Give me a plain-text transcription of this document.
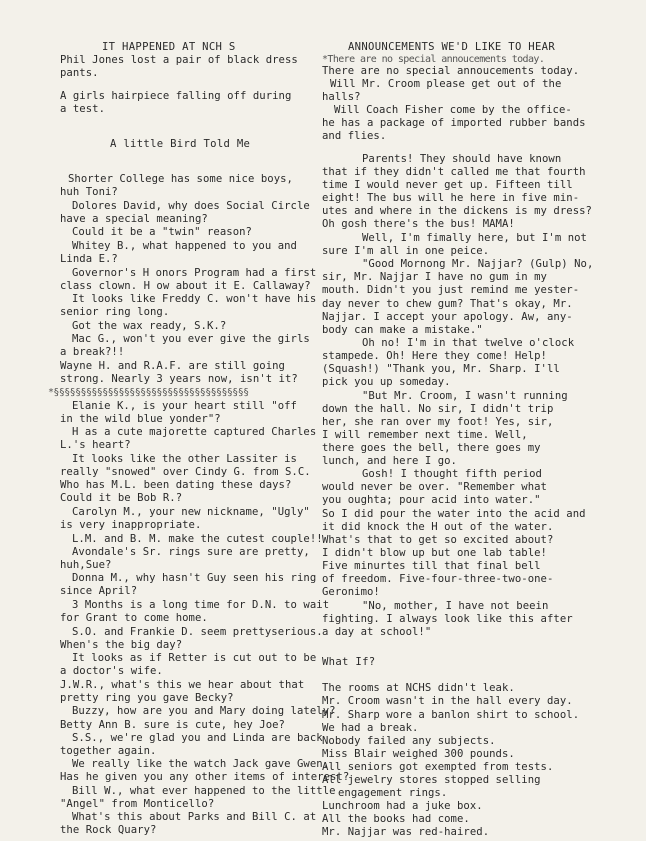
IT HAPPENED AT NCH S
Phil Jones lost a pair of black dress
pants.
A girls hairpiece falling off during
a test.
A little Bird Told Me
Shorter College has some nice boys,
huh Toni?
Dolores David, why does Social Circle
have a special meaning?
Could it be a "twin" reason?
Whitey B., what happened to you and
Linda E.?
Governor's H onors Program had a first
class clown. H ow about it E. Callaway?
It looks like Freddy C. won't have his
senior ring long.
Got the wax ready, S.K.?
Mac G., won't you ever give the girls
a break?!!
Wayne H. and R.A.F. are still going
strong. Nearly 3 years now, isn't it?
*§§§§§§§§§§§§§§§§§§§§§§§§§§§§§§§§§§§§
Elanie K., is your heart still "off
in the wild blue yonder"?
H as a cute majorette captured Charles
L.'s heart?
It looks like the other Lassiter is
really "snowed" over Cindy G. from S.C.
Who has M.L. been dating these days?
Could it be Bob R.?
Carolyn M., your new nickname, "Ugly"
is very inappropriate.
L.M. and B. M. make the cutest couple!!
Avondale's Sr. rings sure are pretty,
huh,Sue?
Donna M., why hasn't Guy seen his ring
since April?
3 Months is a long time for D.N. to wait
for Grant to come home.
S.O. and Frankie D. seem prettyserious.
When's the big day?
It looks as if Retter is cut out to be
a doctor's wife.
J.W.R., what's this we hear about that
pretty ring you gave Becky?
Buzzy, how are you and Mary doing lately?
Betty Ann B. sure is cute, hey Joe?
S.S., we're glad you and Linda are back
together again.
We really like the watch Jack gave Gwen.
Has he given you any other items of interest?
Bill W., what ever happened to the little
"Angel" from Monticello?
What's this about Parks and Bill C. at
the Rock Quary?
ANNOUNCEMENTS WE'D LIKE TO HEAR
*There are no special annoucements today.
There are no special annoucements today.
Will Mr. Croom please get out of the
halls?
Will Coach Fisher come by the office-
he has a package of imported rubber bands
and flies.
Parents! They should have known
that if they didn't called me that fourth
time I would never get up. Fifteen till
eight! The bus will he here in five min-
utes and where in the dickens is my dress?
Oh gosh there's the bus! MAMA!
Well, I'm fimally here, but I'm not
sure I'm all in one peice.
"Good Mornong Mr. Najjar? (Gulp) No,
sir, Mr. Najjar I have no gum in my
mouth. Didn't you just remind me yester-
day never to chew gum? That's okay, Mr.
Najjar. I accept your apology. Aw, any-
body can make a mistake."
Oh no! I'm in that twelve o'clock
stampede. Oh! Here they come! Help!
(Squash!) "Thank you, Mr. Sharp. I'll
pick you up someday.
"But Mr. Croom, I wasn't running
down the hall. No sir, I didn't trip
her, she ran over my foot! Yes, sir,
I will remember next time. Well,
there goes the bell, there goes my
lunch, and here I go.
Gosh! I thought fifth period
would never be over. "Remember what
you oughta; pour acid into water."
So I did pour the water into the acid and
it did knock the H out of the water.
What's that to get so excited about?
I didn't blow up but one lab table!
Five minurtes till that final bell
of freedom. Five-four-three-two-one-
Geronimo!
"No, mother, I have not beein
fighting. I always look like this after
a day at school!"
What If?
The rooms at NCHS didn't leak.
Mr. Croom wasn't in the hall every day.
Mr. Sharp wore a banlon shirt to school.
We had a break.
Nobody failed any subjects.
Miss Blair weighed 300 pounds.
All seniors got exempted from tests.
All jewelry stores stopped selling
engagement rings.
Lunchroom had a juke box.
All the books had come.
Mr. Najjar was red-haired.
